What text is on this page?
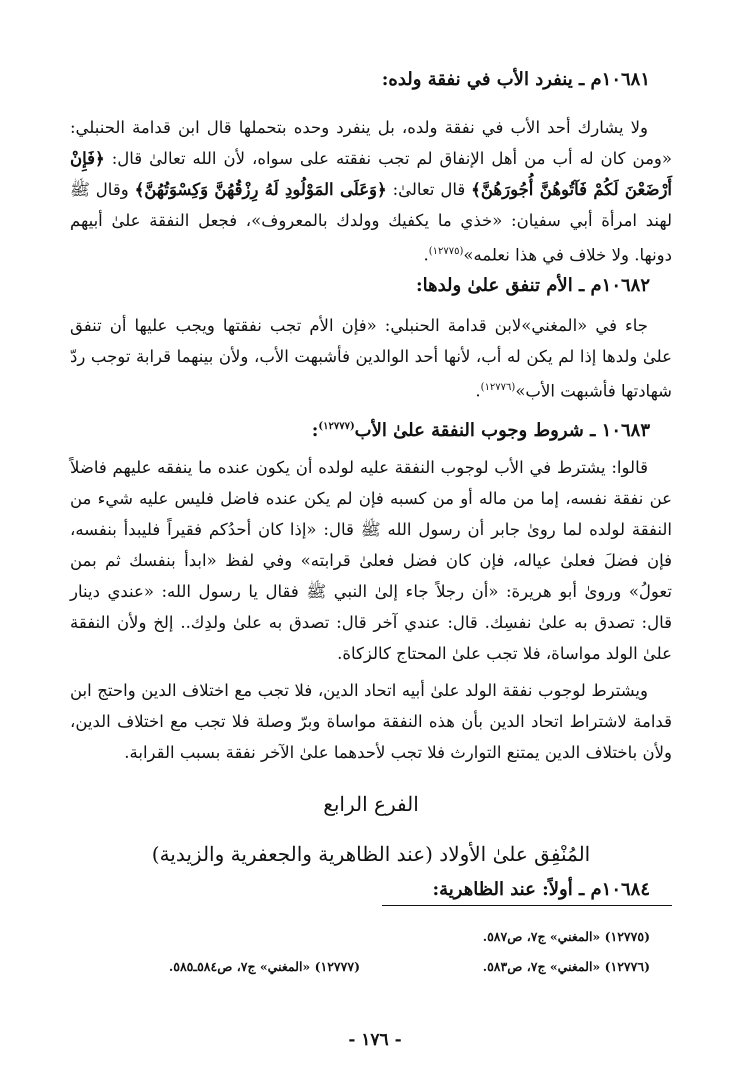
١٠٦٨١م ـ ينفرد الأب في نفقة ولده:

ولا يشارك أحد الأب في نفقة ولده، بل ينفرد وحده بتحملها قال ابن قدامة الحنبلي: «ومن كان له أب من أهل الإنفاق لم تجب نفقته على سواه، لأن الله تعالىٰ قال: ﴿فَإِنْ أَرْضَعْنَ لَكُمْ فَآتُوهُنَّ أُجُورَهُنَّ﴾ قال تعالىٰ: ﴿وَعَلَى المَوْلُودِ لَهُ رِزْقُهُنَّ وَكِسْوَتُهُنَّ﴾ وقال ﷺ لهند امرأة أبي سفيان: «خذي ما يكفيك وولدك بالمعروف»، فجعل النفقة علىٰ أبيهم دونها. ولا خلاف في هذا نعلمه»$^{(١٢٧٧٥)}$.

١٠٦٨٢م ـ الأم تنفق علىٰ ولدها:

جاء في «المغني»لابن قدامة الحنبلي: «فإن الأم تجب نفقتها ويجب عليها أن تنفق علىٰ ولدها إذا لم يكن له أب، لأنها أحد الوالدين فأشبهت الأب، ولأن بينهما قرابة توجب ردّ شهادتها فأشبهت الأب»$^{(١٢٧٧٦)}$.

١٠٦٨٣ ـ شروط وجوب النفقة علىٰ الأب$^{(١٢٧٧٧)}$:

قالوا: يشترط في الأب لوجوب النفقة عليه لولده أن يكون عنده ما ينفقه عليهم فاضلاً عن نفقة نفسه، إما من ماله أو من كسبه فإن لم يكن عنده فاضل فليس عليه شيء من النفقة لولده لما روىٰ جابر أن رسول الله ﷺ قال: «إذا كان أحدُكم فقيراً فليبدأ بنفسه، فإن فضلَ فعلىٰ عياله، فإن كان فضل فعلىٰ قرابته» وفي لفظ «ابدأ بنفسك ثم بمن تعولُ» وروىٰ أبو هريرة: «أن رجلاً جاء إلىٰ النبي ﷺ فقال يا رسول الله: «عندي دينار قال: تصدق به علىٰ نفسِك. قال: عندي آخر قال: تصدق به علىٰ ولدِك.. إلخ ولأن النفقة علىٰ الولد مواساة، فلا تجب علىٰ المحتاج كالزكاة.

ويشترط لوجوب نفقة الولد علىٰ أبيه اتحاد الدين، فلا تجب مع اختلاف الدين واحتج ابن قدامة لاشتراط اتحاد الدين بأن هذه النفقة مواساة وبرّ وصلة فلا تجب مع اختلاف الدين، ولأن باختلاف الدين يمتنع التوارث فلا تجب لأحدهما علىٰ الآخر نفقة بسبب القرابة.

الفرع الرابع
المُنْفِق علىٰ الأولاد (عند الظاهرية والجعفرية والزيدية)
١٠٦٨٤م ـ أولاً: عند الظاهرية:
(١٢٧٧٥) «المغني» ج٧، ص٥٨٧.
(١٢٧٧٦) «المغني» ج٧، ص٥٨٣.
(١٢٧٧٧) «المغني» ج٧، ص٥٨٤ـ٥٨٥.
- ١٧٦ -
